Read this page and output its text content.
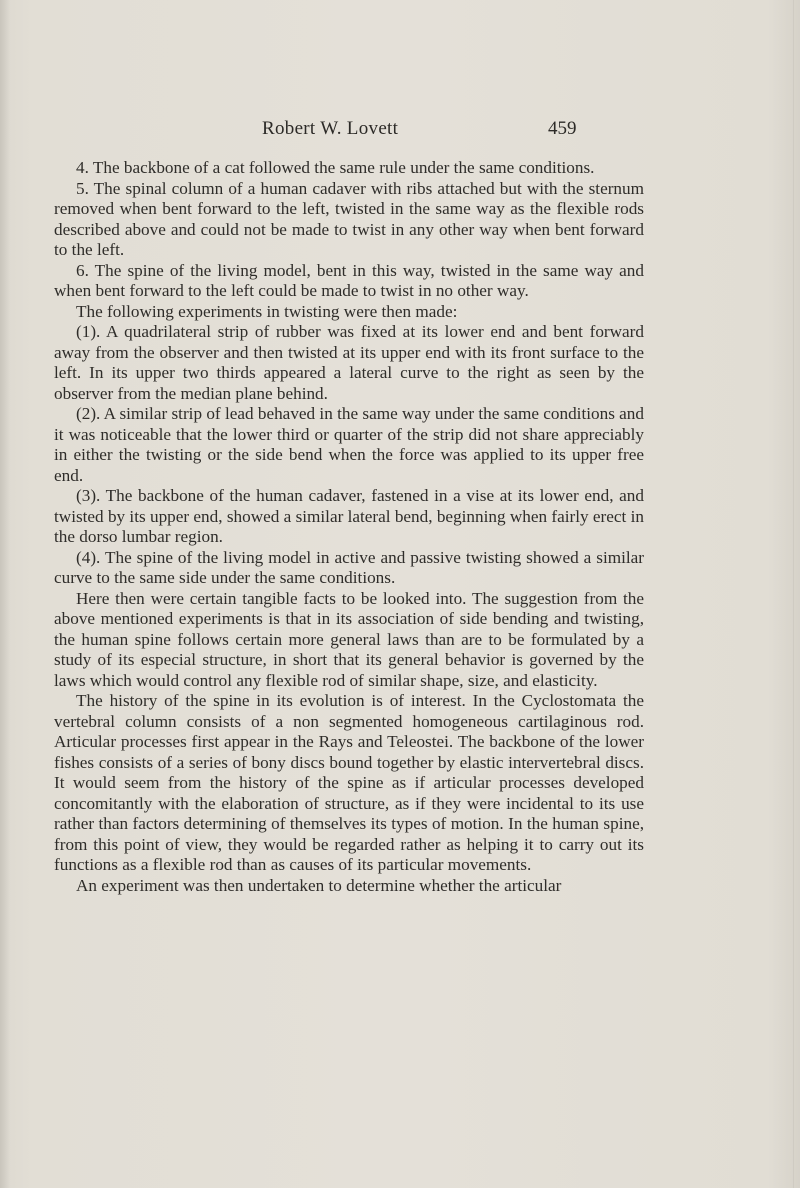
Robert W. Lovett	459

4. The backbone of a cat followed the same rule under the same conditions.

5. The spinal column of a human cadaver with ribs attached but with the sternum removed when bent forward to the left, twisted in the same way as the flexible rods described above and could not be made to twist in any other way when bent forward to the left.

6. The spine of the living model, bent in this way, twisted in the same way and when bent forward to the left could be made to twist in no other way.

The following experiments in twisting were then made:

(1). A quadrilateral strip of rubber was fixed at its lower end and bent forward away from the observer and then twisted at its upper end with its front surface to the left. In its upper two thirds appeared a lateral curve to the right as seen by the observer from the median plane behind.

(2). A similar strip of lead behaved in the same way under the same conditions and it was noticeable that the lower third or quarter of the strip did not share appreciably in either the twisting or the side bend when the force was applied to its upper free end.

(3). The backbone of the human cadaver, fastened in a vise at its lower end, and twisted by its upper end, showed a similar lateral bend, beginning when fairly erect in the dorso lumbar region.

(4). The spine of the living model in active and passive twisting showed a similar curve to the same side under the same conditions.

Here then were certain tangible facts to be looked into. The suggestion from the above mentioned experiments is that in its association of side bending and twisting, the human spine follows certain more general laws than are to be formulated by a study of its especial structure, in short that its general behavior is governed by the laws which would control any flexible rod of similar shape, size, and elasticity.

The history of the spine in its evolution is of interest. In the Cyclostomata the vertebral column consists of a non segmented homogeneous cartilaginous rod. Articular processes first appear in the Rays and Teleostei. The backbone of the lower fishes consists of a series of bony discs bound together by elastic intervertebral discs. It would seem from the history of the spine as if articular processes developed concomitantly with the elaboration of structure, as if they were incidental to its use rather than factors determining of themselves its types of motion. In the human spine, from this point of view, they would be regarded rather as helping it to carry out its functions as a flexible rod than as causes of its particular movements.

An experiment was then undertaken to determine whether the articular
